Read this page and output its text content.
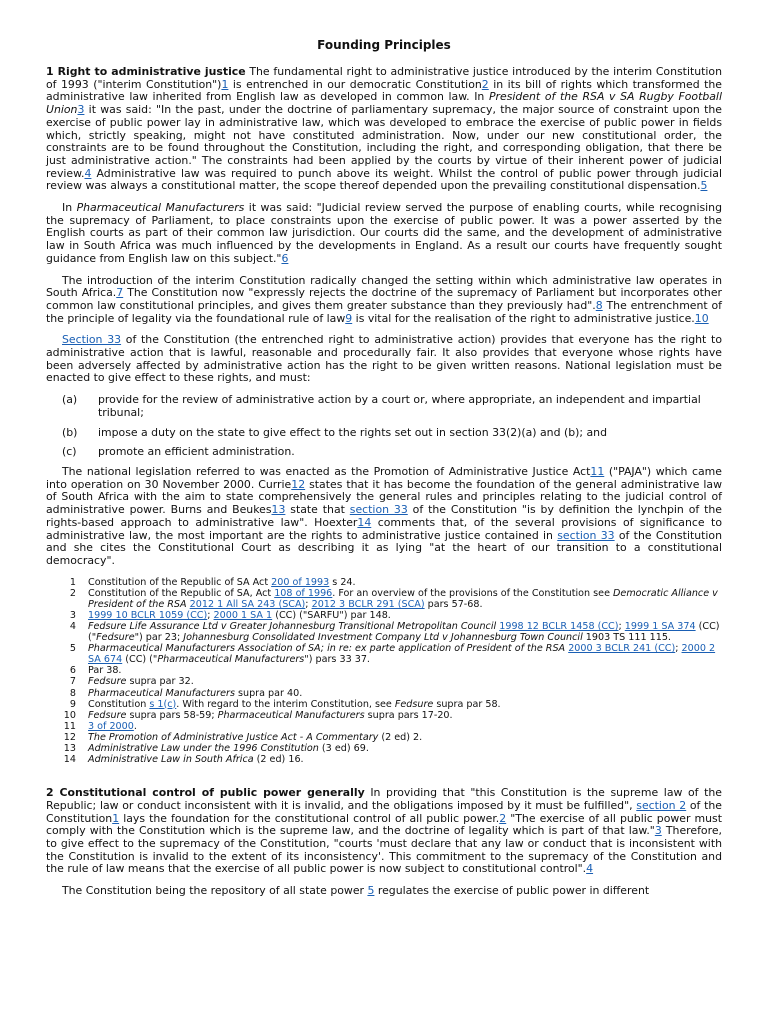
Founding Principles

1 Right to administrative justice The fundamental right to administrative justice introduced by the interim Constitution of 1993 ("interim Constitution")1 is entrenched in our democratic Constitution2 in its bill of rights which transformed the administrative law inherited from English law as developed in common law. In President of the RSA v SA Rugby Football Union3 it was said: "In the past, under the doctrine of parliamentary supremacy, the major source of constraint upon the exercise of public power lay in administrative law, which was developed to embrace the exercise of public power in fields which, strictly speaking, might not have constituted administration. Now, under our new constitutional order, the constraints are to be found throughout the Constitution, including the right, and corresponding obligation, that there be just administrative action." The constraints had been applied by the courts by virtue of their inherent power of judicial review.4 Administrative law was required to punch above its weight. Whilst the control of public power through judicial review was always a constitutional matter, the scope thereof depended upon the prevailing constitutional dispensation.5

In Pharmaceutical Manufacturers it was said: "Judicial review served the purpose of enabling courts, while recognising the supremacy of Parliament, to place constraints upon the exercise of public power. It was a power asserted by the English courts as part of their common law jurisdiction. Our courts did the same, and the development of administrative law in South Africa was much influenced by the developments in England. As a result our courts have frequently sought guidance from English law on this subject."6

The introduction of the interim Constitution radically changed the setting within which administrative law operates in South Africa.7 The Constitution now "expressly rejects the doctrine of the supremacy of Parliament but incorporates other common law constitutional principles, and gives them greater substance than they previously had".8 The entrenchment of the principle of legality via the foundational rule of law9 is vital for the realisation of the right to administrative justice.10

Section 33 of the Constitution (the entrenched right to administrative action) provides that everyone has the right to administrative action that is lawful, reasonable and procedurally fair. It also provides that everyone whose rights have been adversely affected by administrative action has the right to be given written reasons. National legislation must be enacted to give effect to these rights, and must:

(a)	provide for the review of administrative action by a court or, where appropriate, an independent and impartial tribunal;
(b)	impose a duty on the state to give effect to the rights set out in section 33(2)(a) and (b); and
(c)	promote an efficient administration.

The national legislation referred to was enacted as the Promotion of Administrative Justice Act11 ("PAJA") which came into operation on 30 November 2000. Currie12 states that it has become the foundation of the general administrative law of South Africa with the aim to state comprehensively the general rules and principles relating to the judicial control of administrative power. Burns and Beukes13 state that section 33 of the Constitution "is by definition the lynchpin of the rights-based approach to administrative law". Hoexter14 comments that, of the several provisions of significance to administrative law, the most important are the rights to administrative justice contained in section 33 of the Constitution and she cites the Constitutional Court as describing it as lying "at the heart of our transition to a constitutional democracy".

1	Constitution of the Republic of SA Act 200 of 1993 s 24.
2	Constitution of the Republic of SA, Act 108 of 1996. For an overview of the provisions of the Constitution see Democratic Alliance v President of the RSA 2012 1 All SA 243 (SCA); 2012 3 BCLR 291 (SCA) pars 57-68.
3	1999 10 BCLR 1059 (CC); 2000 1 SA 1 (CC) ("SARFU") par 148.
4	Fedsure Life Assurance Ltd v Greater Johannesburg Transitional Metropolitan Council 1998 12 BCLR 1458 (CC); 1999 1 SA 374 (CC) ("Fedsure") par 23; Johannesburg Consolidated Investment Company Ltd v Johannesburg Town Council 1903 TS 111 115.
5	Pharmaceutical Manufacturers Association of SA; in re: ex parte application of President of the RSA 2000 3 BCLR 241 (CC); 2000 2 SA 674 (CC) ("Pharmaceutical Manufacturers") pars 33 37.
6	Par 38.
7	Fedsure supra par 32.
8	Pharmaceutical Manufacturers supra par 40.
9	Constitution s 1(c). With regard to the interim Constitution, see Fedsure supra par 58.
10	Fedsure supra pars 58-59; Pharmaceutical Manufacturers supra pars 17-20.
11	3 of 2000.
12	The Promotion of Administrative Justice Act - A Commentary (2 ed) 2.
13	Administrative Law under the 1996 Constitution (3 ed) 69.
14	Administrative Law in South Africa (2 ed) 16.

2 Constitutional control of public power generally In providing that "this Constitution is the supreme law of the Republic; law or conduct inconsistent with it is invalid, and the obligations imposed by it must be fulfilled", section 2 of the Constitution1 lays the foundation for the constitutional control of all public power.2 "The exercise of all public power must comply with the Constitution which is the supreme law, and the doctrine of legality which is part of that law."3 Therefore, to give effect to the supremacy of the Constitution, "courts 'must declare that any law or conduct that is inconsistent with the Constitution is invalid to the extent of its inconsistency'. This commitment to the supremacy of the Constitution and the rule of law means that the exercise of all public power is now subject to constitutional control".4

The Constitution being the repository of all state power 5 regulates the exercise of public power in different
